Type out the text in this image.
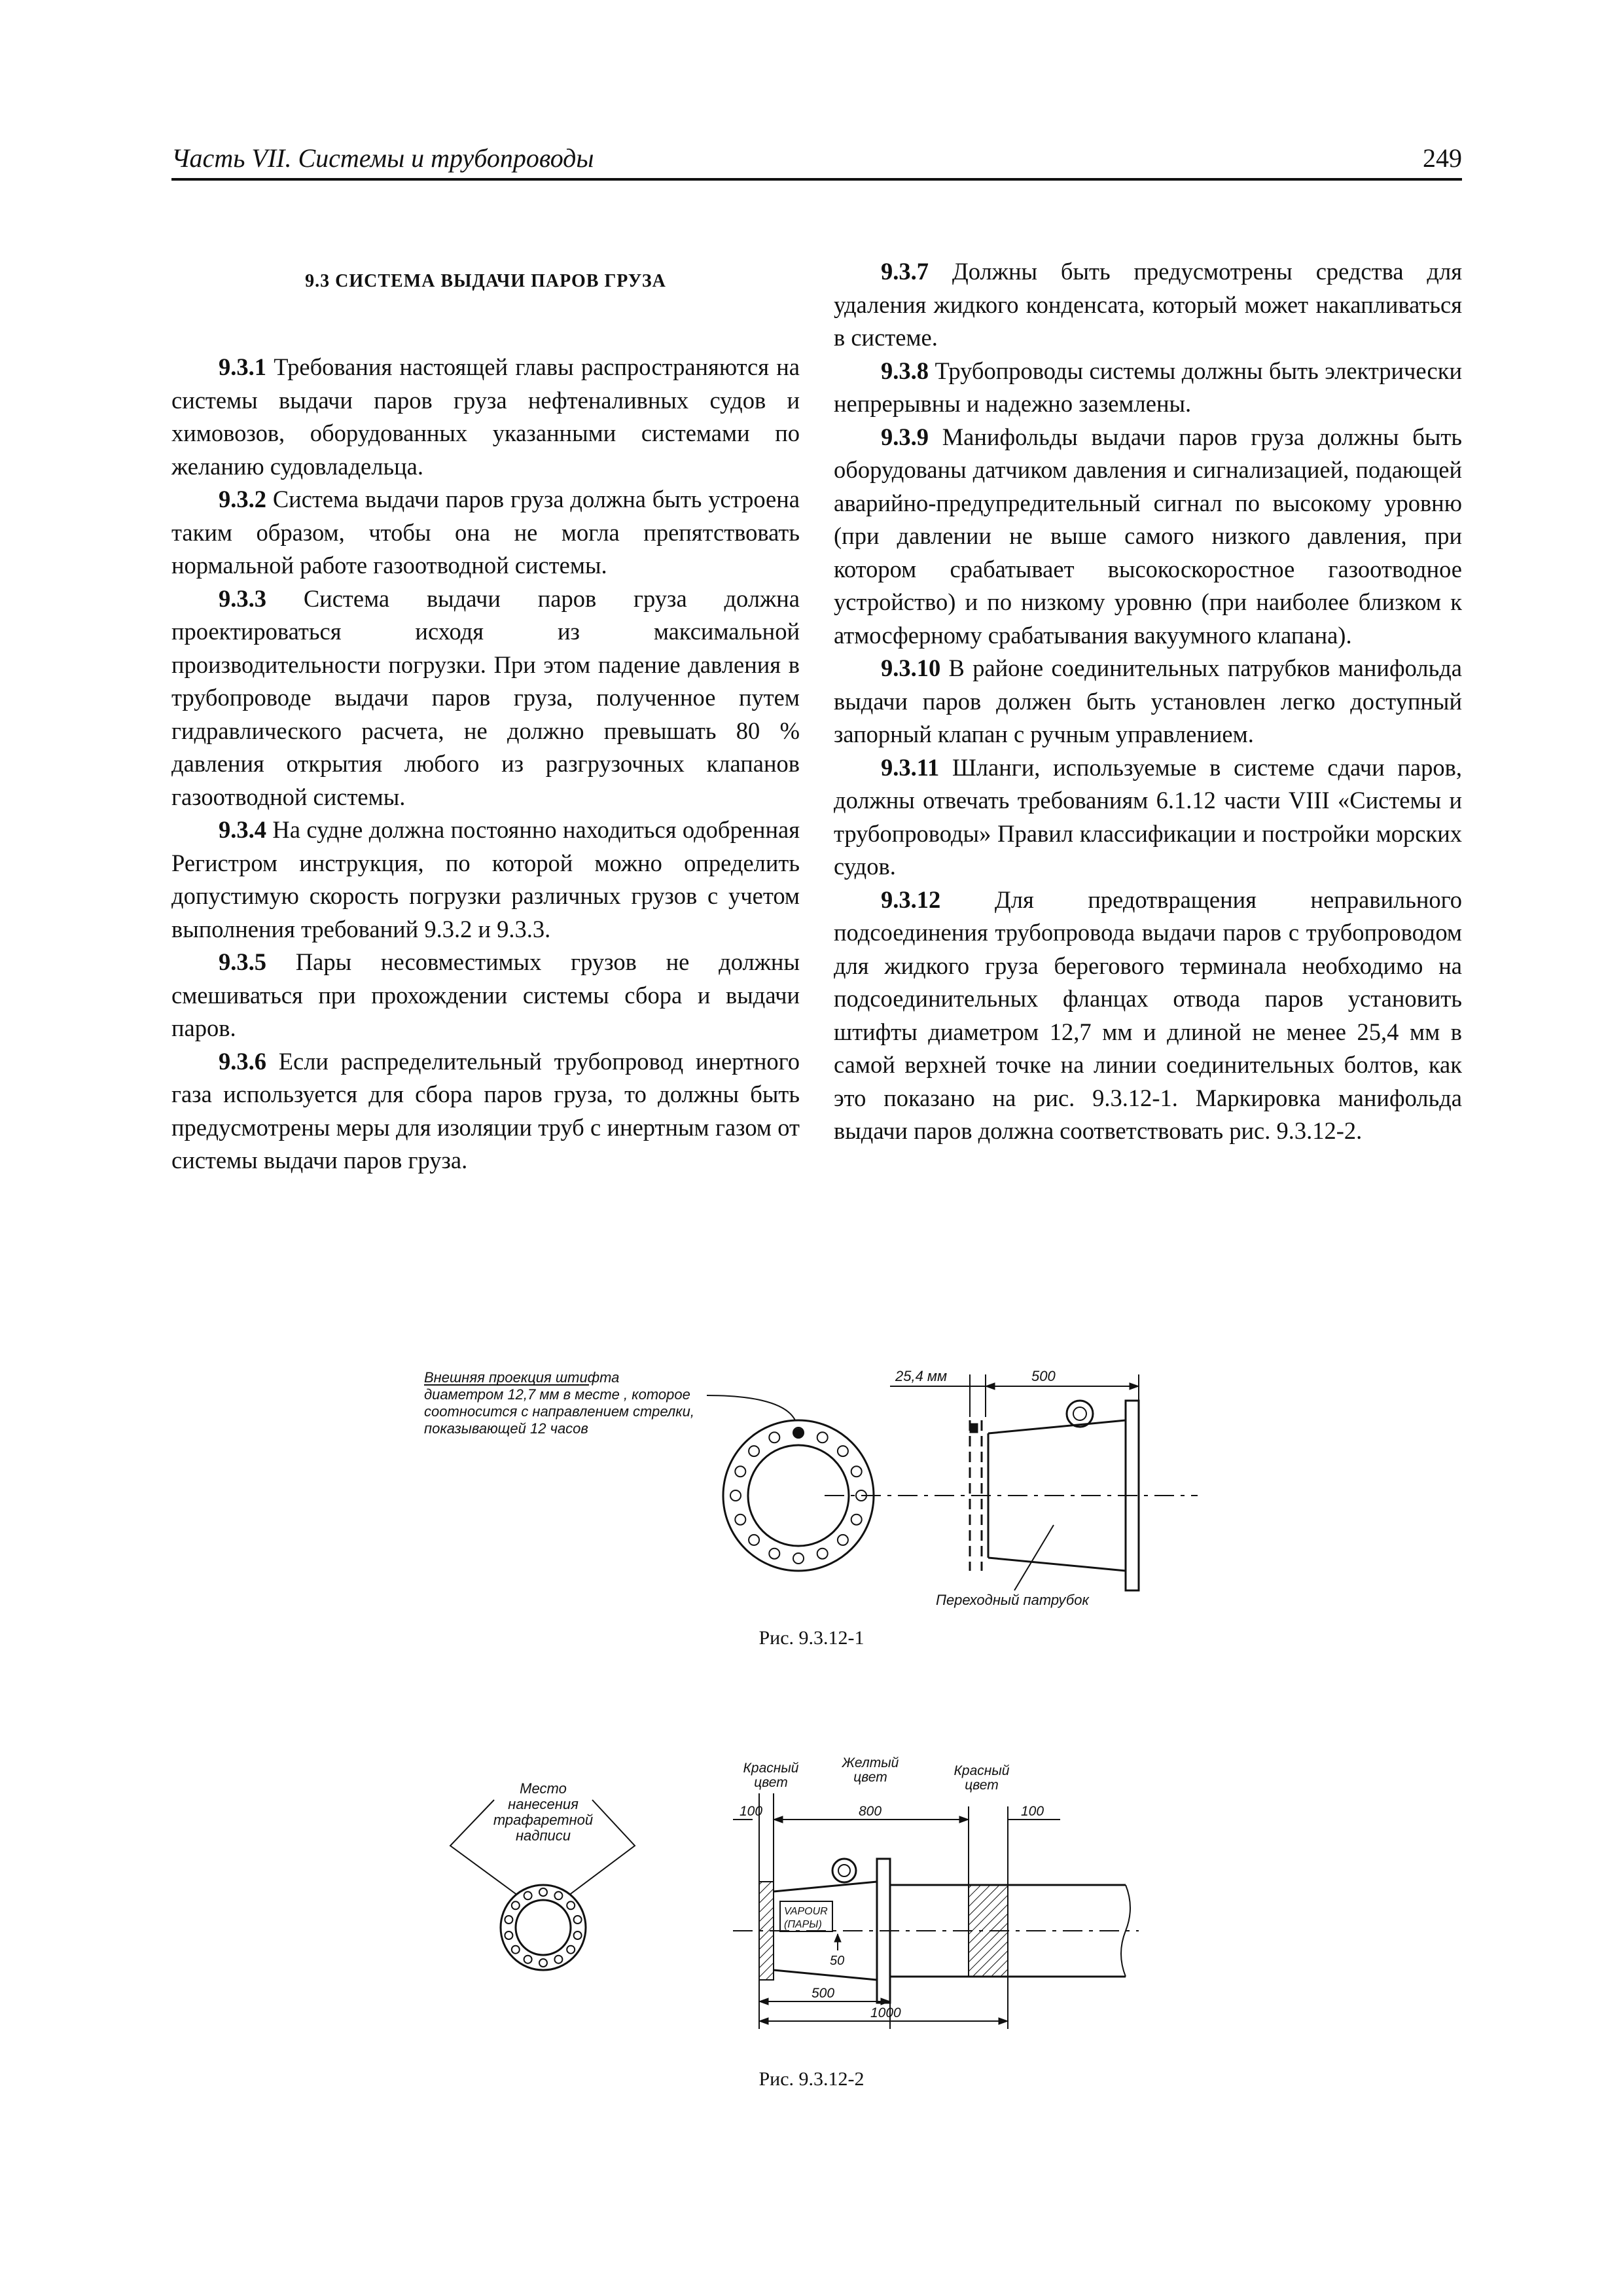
Часть VII. Системы и трубопроводы	249
9.3 СИСТЕМА ВЫДАЧИ ПАРОВ ГРУЗА

9.3.1 Требования настоящей главы распространяются на системы выдачи паров груза нефтеналивных судов и химовозов, оборудованных указанными системами по желанию судовладельца.

9.3.2 Система выдачи паров груза должна быть устроена таким образом, чтобы она не могла препятствовать нормальной работе газоотводной системы.

9.3.3 Система выдачи паров груза должна проектироваться исходя из максимальной производительности погрузки. При этом падение давления в трубопроводе выдачи паров груза, полученное путем гидравлического расчета, не должно превышать 80 % давления открытия любого из разгрузочных клапанов газоотводной системы.

9.3.4 На судне должна постоянно находиться одобренная Регистром инструкция, по которой можно определить допустимую скорость погрузки различных грузов с учетом выполнения требований 9.3.2 и 9.3.3.

9.3.5 Пары несовместимых грузов не должны смешиваться при прохождении системы сбора и выдачи паров.

9.3.6 Если распределительный трубопровод инертного газа используется для сбора паров груза, то должны быть предусмотрены меры для изоляции труб с инертным газом от системы выдачи паров груза.

9.3.7 Должны быть предусмотрены средства для удаления жидкого конденсата, который может накапливаться в системе.

9.3.8 Трубопроводы системы должны быть электрически непрерывны и надежно заземлены.

9.3.9 Манифольды выдачи паров груза должны быть оборудованы датчиком давления и сигнализацией, подающей аварийно-предупредительный сигнал по высокому уровню (при давлении не выше самого низкого давления, при котором срабатывает высокоскоростное газоотводное устройство) и по низкому уровню (при наиболее близком к атмосферному срабатывания вакуумного клапана).

9.3.10 В районе соединительных патрубков манифольда выдачи паров должен быть установлен легко доступный запорный клапан с ручным управлением.

9.3.11 Шланги, используемые в системе сдачи паров, должны отвечать требованиям 6.1.12 части VIII «Системы и трубопроводы» Правил классификации и постройки морских судов.

9.3.12 Для предотвращения неправильного подсоединения трубопровода выдачи паров с трубопроводом для жидкого груза берегового терминала необходимо на подсоединительных фланцах отвода паров установить штифты диаметром 12,7 мм и длиной не менее 25,4 мм в самой верхней точке на линии соединительных болтов, как это показано на рис. 9.3.12-1. Маркировка манифольда выдачи паров должна соответствовать рис. 9.3.12-2.

Внешняя проекция штифта
диаметром 12,7 мм в месте , которое
соотносится с направлением стрелки,
показывающей 12 часов
25,4 мм	500
Переходный патрубок
Рис. 9.3.12-1
Место
нанесения
трафаретной
надписи
Красный
цвет
Желтый
цвет	Красный
цвет
100	800	100
VAPOUR
(ПАРЫ)
50
500
1000
Рис. 9.3.12-2
